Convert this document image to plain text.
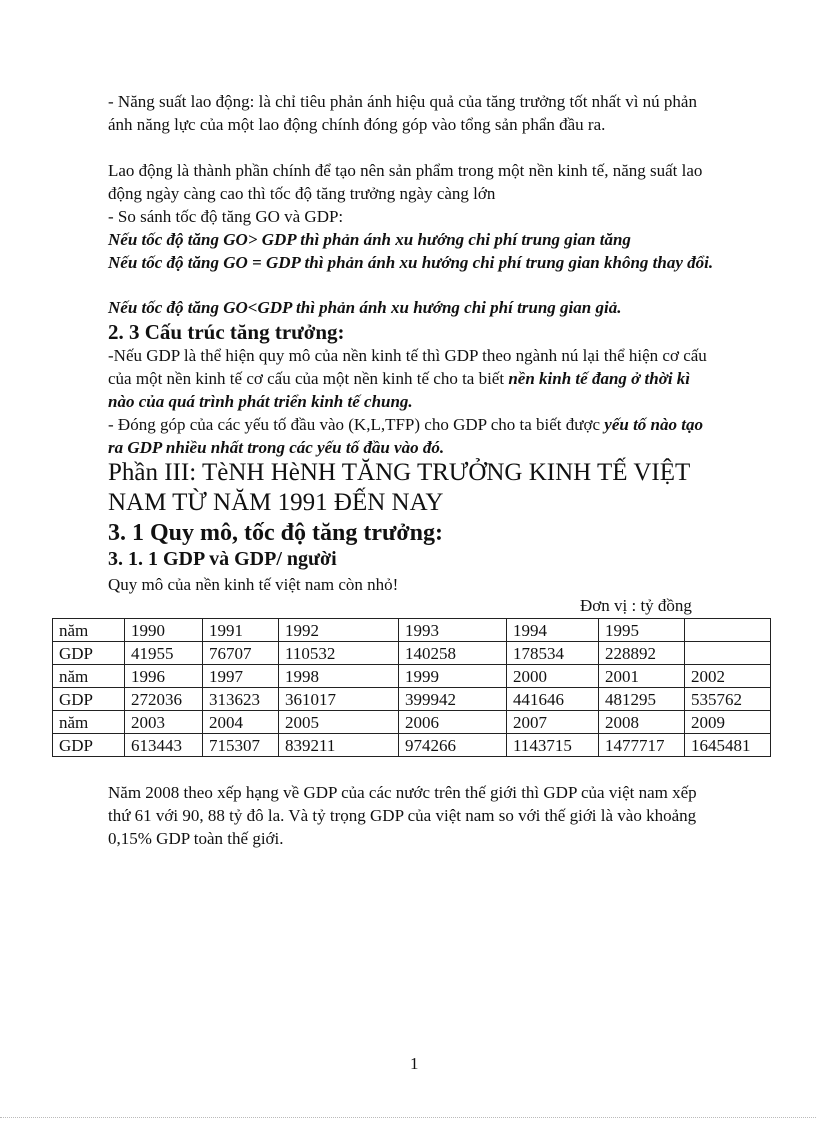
- Năng suất lao động: là chỉ tiêu phản ánh hiệu quả của tăng trưởng tốt nhất vì nú phản ánh năng lực của một lao động chính đóng góp vào tổng sản phẩn đầu ra.

Lao động là thành phần chính để tạo nên sản phẩm trong một nền kinh tế, năng suất lao động ngày càng cao thì tốc độ tăng trưởng ngày càng lớn

- So sánh tốc độ tăng GO và GDP:

Nếu tốc độ tăng GO> GDP thì phản ánh xu hướng chi phí trung gian tăng

Nếu tốc độ tăng GO = GDP thì phản ánh xu hướng chi phí trung gian không thay đổi.

Nếu tốc độ tăng GO<GDP thì phản ánh xu hướng chi phí trung gian giả.

2. 3 Cấu trúc tăng trưởng:

-Nếu GDP là thể hiện quy mô của nền kinh tế thì GDP theo ngành nú lại thể hiện cơ cấu của một nền kinh tế cơ cấu của một nền kinh tế cho ta biết nền kinh tế đang ở thời kì nào của quá trình phát triển kinh tế chung.

- Đóng góp của các yếu tố đầu vào (K,L,TFP) cho GDP cho ta biết được yếu tố nào tạo ra GDP nhiều nhất trong các yếu tố đầu vào đó.

Phần III: TèNH HèNH TĂNG TRƯỞNG KINH TẾ VIỆT NAM TỪ NĂM 1991 ĐẾN NAY

3. 1 Quy mô, tốc độ tăng trưởng:

3. 1. 1 GDP và GDP/ người

Quy mô của nền kinh tế việt nam còn nhỏ!

Đơn vị : tỷ đồng
năm	1990	1991	1992	1993	1994	1995	
GDP	41955	76707	110532	140258	178534	228892	
năm	1996	1997	1998	1999	2000	2001	2002
GDP	272036	313623	361017	399942	441646	481295	535762
năm	2003	2004	2005	2006	2007	2008	2009
GDP	613443	715307	839211	974266	1143715	1477717	1645481

Năm 2008 theo xếp hạng về GDP của các nước trên thế giới thì GDP của việt nam xếp thứ 61 với 90, 88 tỷ đô la. Và tỷ trọng GDP của việt nam so với thế giới là vào khoảng 0,15% GDP toàn thế giới.

1
